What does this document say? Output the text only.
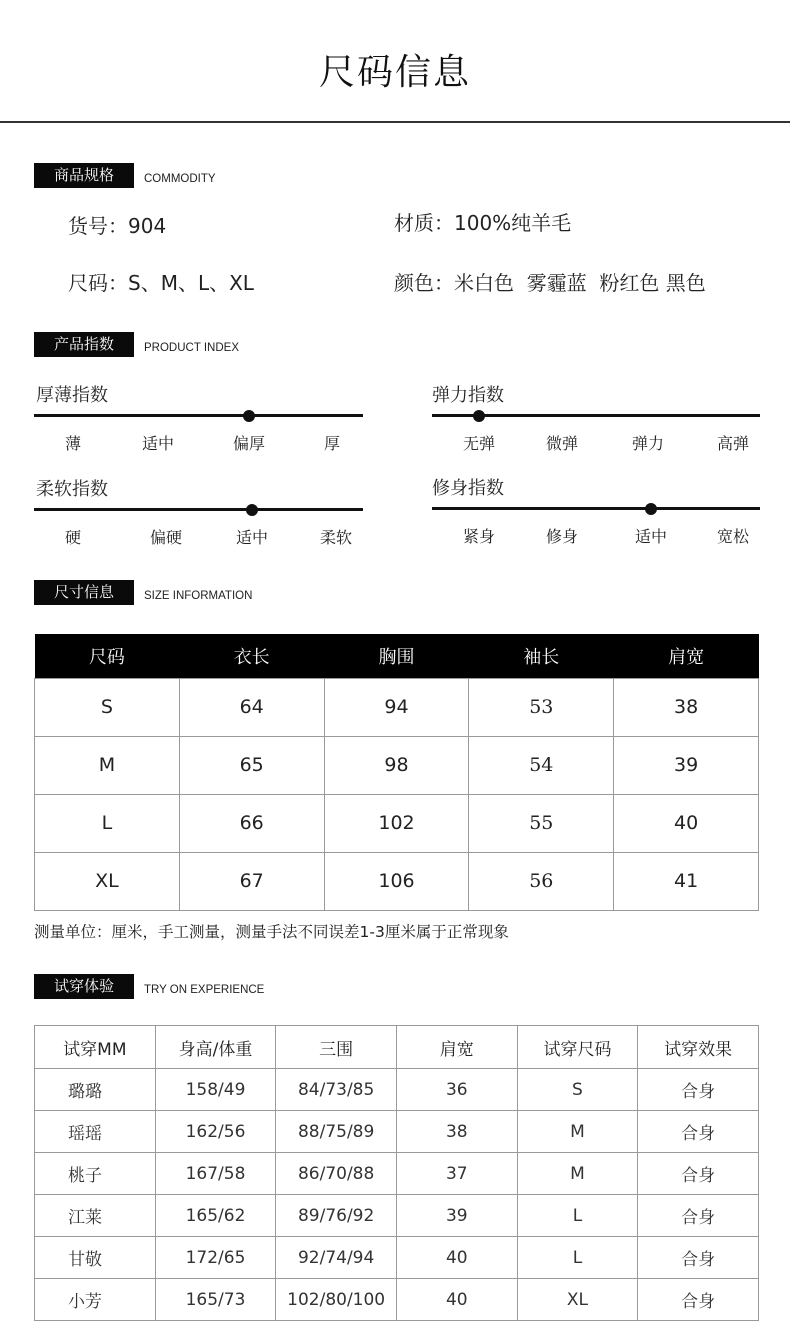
尺码信息
商品规格	COMMODITY
货号：904	材质：100%纯羊毛
尺码：S、M、L、XL	颜色：米白色  雾霾蓝  粉红色 黑色
产品指数	PRODUCT INDEX
厚薄指数
薄	适中	偏厚	厚
弹力指数
无弹	微弹	弹力	高弹
柔软指数
硬	偏硬	适中	柔软
修身指数
紧身	修身	适中	宽松
尺寸信息	SIZE INFORMATION
尺码	衣长	胸围	袖长	肩宽
S	64	94	53	38
M	65	98	54	39
L	66	102	55	40
XL	67	106	56	41
测量单位：厘米，手工测量，测量手法不同误差1-3厘米属于正常现象
试穿体验	TRY ON EXPERIENCE
试穿MM	身高/体重	三围	肩宽	试穿尺码	试穿效果
璐璐	158/49	84/73/85	36	S	合身
瑶瑶	162/56	88/75/89	38	M	合身
桃子	167/58	86/70/88	37	M	合身
江莱	165/62	89/76/92	39	L	合身
甘敬	172/65	92/74/94	40	L	合身
小芳	165/73	102/80/100	40	XL	合身
